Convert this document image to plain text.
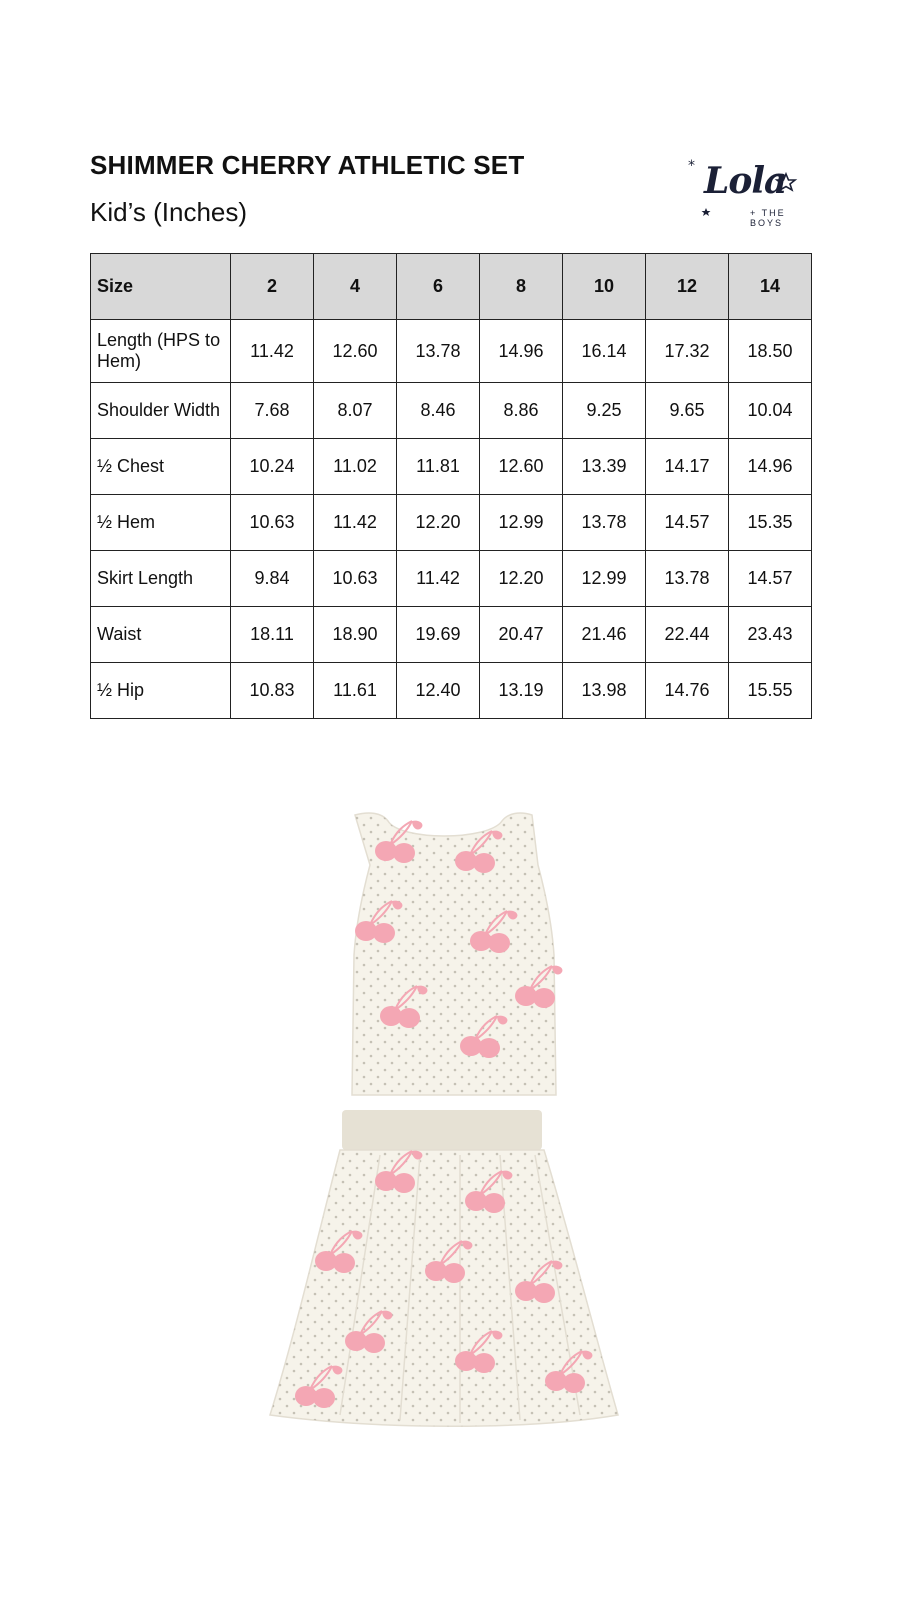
SHIMMER CHERRY ATHLETIC SET
Kid’s (Inches)
* Lola
+ THE BOYS
Size	2	4	6	8	10	12	14
Length (HPS to Hem)	11.42	12.60	13.78	14.96	16.14	17.32	18.50
Shoulder Width	7.68	8.07	8.46	8.86	9.25	9.65	10.04
½ Chest	10.24	11.02	11.81	12.60	13.39	14.17	14.96
½ Hem	10.63	11.42	12.20	12.99	13.78	14.57	15.35
Skirt Length	9.84	10.63	11.42	12.20	12.99	13.78	14.57
Waist	18.11	18.90	19.69	20.47	21.46	22.44	23.43
½ Hip	10.83	11.61	12.40	13.19	13.98	14.76	15.55
